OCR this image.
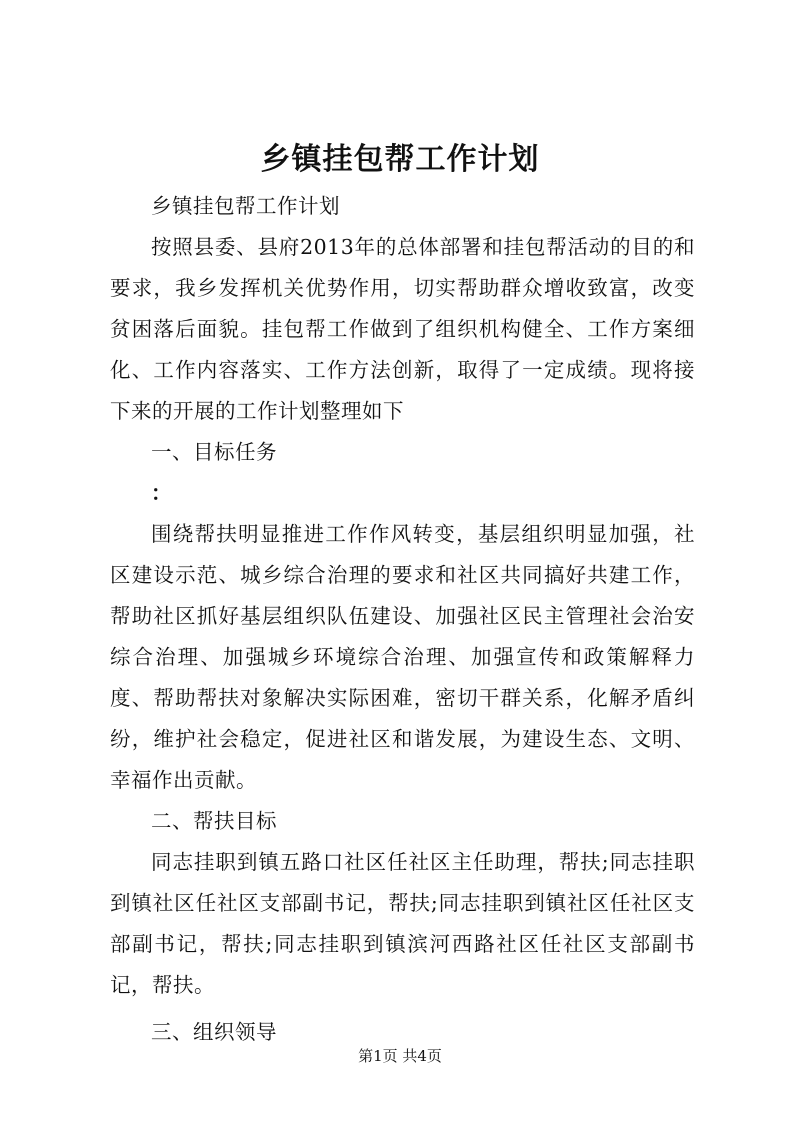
乡镇挂包帮工作计划

乡镇挂包帮工作计划

按照县委、县府2013年的总体部署和挂包帮活动的目的和要求，我乡发挥机关优势作用，切实帮助群众增收致富，改变贫困落后面貌。挂包帮工作做到了组织机构健全、工作方案细化、工作内容落实、工作方法创新，取得了一定成绩。现将接下来的开展的工作计划整理如下

一、目标任务

：

围绕帮扶明显推进工作作风转变，基层组织明显加强，社区建设示范、城乡综合治理的要求和社区共同搞好共建工作，帮助社区抓好基层组织队伍建设、加强社区民主管理社会治安综合治理、加强城乡环境综合治理、加强宣传和政策解释力度、帮助帮扶对象解决实际困难，密切干群关系，化解矛盾纠纷，维护社会稳定，促进社区和谐发展，为建设生态、文明、幸福作出贡献。

二、帮扶目标

同志挂职到镇五路口社区任社区主任助理，帮扶;同志挂职到镇社区任社区支部副书记，帮扶;同志挂职到镇社区任社区支部副书记，帮扶;同志挂职到镇滨河西路社区任社区支部副书记，帮扶。

三、组织领导

第1页 共4页
